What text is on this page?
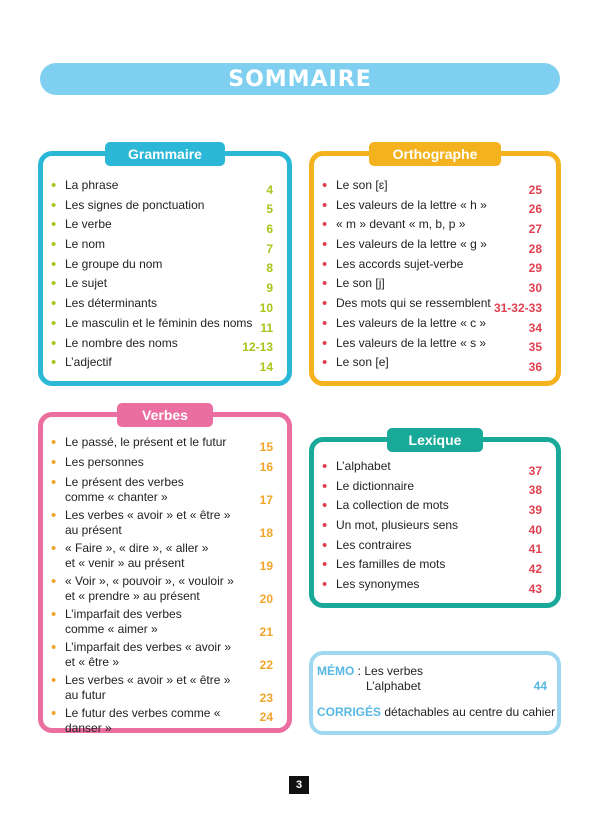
SOMMAIRE
Grammaire
• La phrase	4
• Les signes de ponctuation	5
• Le verbe	6
• Le nom	7
• Le groupe du nom	8
• Le sujet	9
• Les déterminants	10
• Le masculin et le féminin des noms 11
• Le nombre des noms	12-13
• L’adjectif	14
Orthographe
• Le son [ɛ]	25
• Les valeurs de la lettre « h »	26
• « m » devant « m, b, p »	27
• Les valeurs de la lettre « g »	28
• Les accords sujet-verbe	29
• Le son [j]	30
• Des mots qui se ressemblent 31-32-33
• Les valeurs de la lettre « c »	34
• Les valeurs de la lettre « s »	35
• Le son [e]	36
Verbes
• Le passé, le présent et le futur	15
• Les personnes	16
• Le présent des verbes
comme « chanter »	17
• Les verbes « avoir » et « être »
au présent	18
• « Faire », « dire », « aller »
et « venir » au présent	19
• « Voir », « pouvoir », « vouloir »
et « prendre » au présent	20
• L’imparfait des verbes
comme « aimer »	21
• L’imparfait des verbes « avoir »
et « être »	22
• Les verbes « avoir » et « être »
au futur	23
• Le futur des verbes comme « danser »
24
Lexique
• L’alphabet	37
• Le dictionnaire	38
• La collection de mots	39
• Un mot, plusieurs sens	40
• Les contraires	41
• Les familles de mots	42
• Les synonymes	43
MÉMO : Les verbes
L’alphabet	44
CORRIGÉS détachables au centre du cahier
3
